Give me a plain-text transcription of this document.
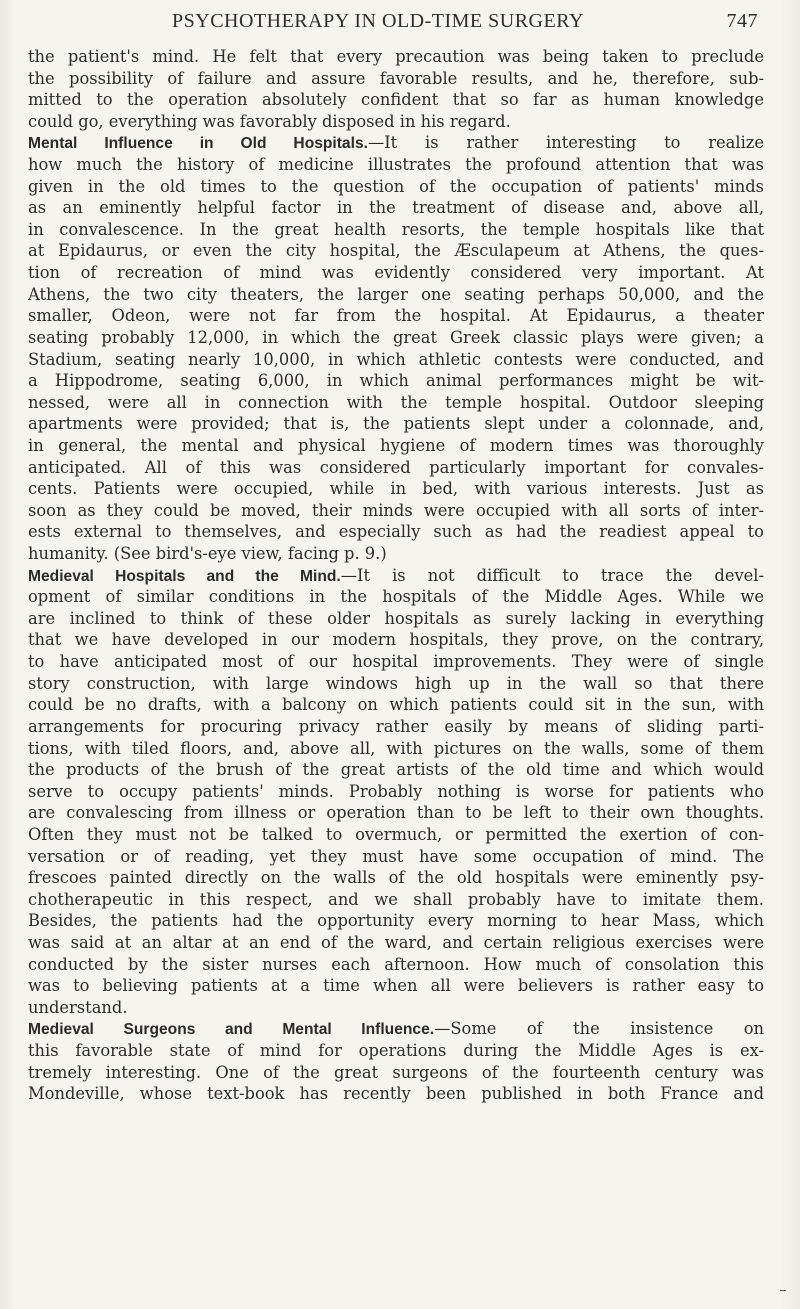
PSYCHOTHERAPY IN OLD-TIME SURGERY	747
the patient's mind. He felt that every precaution was being taken to preclude
the possibility of failure and assure favorable results, and he, therefore, sub-
mitted to the operation absolutely confident that so far as human knowledge
could go, everything was favorably disposed in his regard.
Mental Influence in Old Hospitals.—It is rather interesting to realize
how much the history of medicine illustrates the profound attention that was
given in the old times to the question of the occupation of patients' minds
as an eminently helpful factor in the treatment of disease and, above all,
in convalescence. In the great health resorts, the temple hospitals like that
at Epidaurus, or even the city hospital, the Æsculapeum at Athens, the ques-
tion of recreation of mind was evidently considered very important. At
Athens, the two city theaters, the larger one seating perhaps 50,000, and the
smaller, Odeon, were not far from the hospital. At Epidaurus, a theater
seating probably 12,000, in which the great Greek classic plays were given; a
Stadium, seating nearly 10,000, in which athletic contests were conducted, and
a Hippodrome, seating 6,000, in which animal performances might be wit-
nessed, were all in connection with the temple hospital. Outdoor sleeping
apartments were provided; that is, the patients slept under a colonnade, and,
in general, the mental and physical hygiene of modern times was thoroughly
anticipated. All of this was considered particularly important for convales-
cents. Patients were occupied, while in bed, with various interests. Just as
soon as they could be moved, their minds were occupied with all sorts of inter-
ests external to themselves, and especially such as had the readiest appeal to
humanity. (See bird's-eye view, facing p. 9.)
Medieval Hospitals and the Mind.—It is not difficult to trace the devel-
opment of similar conditions in the hospitals of the Middle Ages. While we
are inclined to think of these older hospitals as surely lacking in everything
that we have developed in our modern hospitals, they prove, on the contrary,
to have anticipated most of our hospital improvements. They were of single
story construction, with large windows high up in the wall so that there
could be no drafts, with a balcony on which patients could sit in the sun, with
arrangements for procuring privacy rather easily by means of sliding parti-
tions, with tiled floors, and, above all, with pictures on the walls, some of them
the products of the brush of the great artists of the old time and which would
serve to occupy patients' minds. Probably nothing is worse for patients who
are convalescing from illness or operation than to be left to their own thoughts.
Often they must not be talked to overmuch, or permitted the exertion of con-
versation or of reading, yet they must have some occupation of mind. The
frescoes painted directly on the walls of the old hospitals were eminently psy-
chotherapeutic in this respect, and we shall probably have to imitate them.
Besides, the patients had the opportunity every morning to hear Mass, which
was said at an altar at an end of the ward, and certain religious exercises were
conducted by the sister nurses each afternoon. How much of consolation this
was to believing patients at a time when all were believers is rather easy to
understand.
Medieval Surgeons and Mental Influence.—Some of the insistence on
this favorable state of mind for operations during the Middle Ages is ex-
tremely interesting. One of the great surgeons of the fourteenth century was
Mondeville, whose text-book has recently been published in both France and
